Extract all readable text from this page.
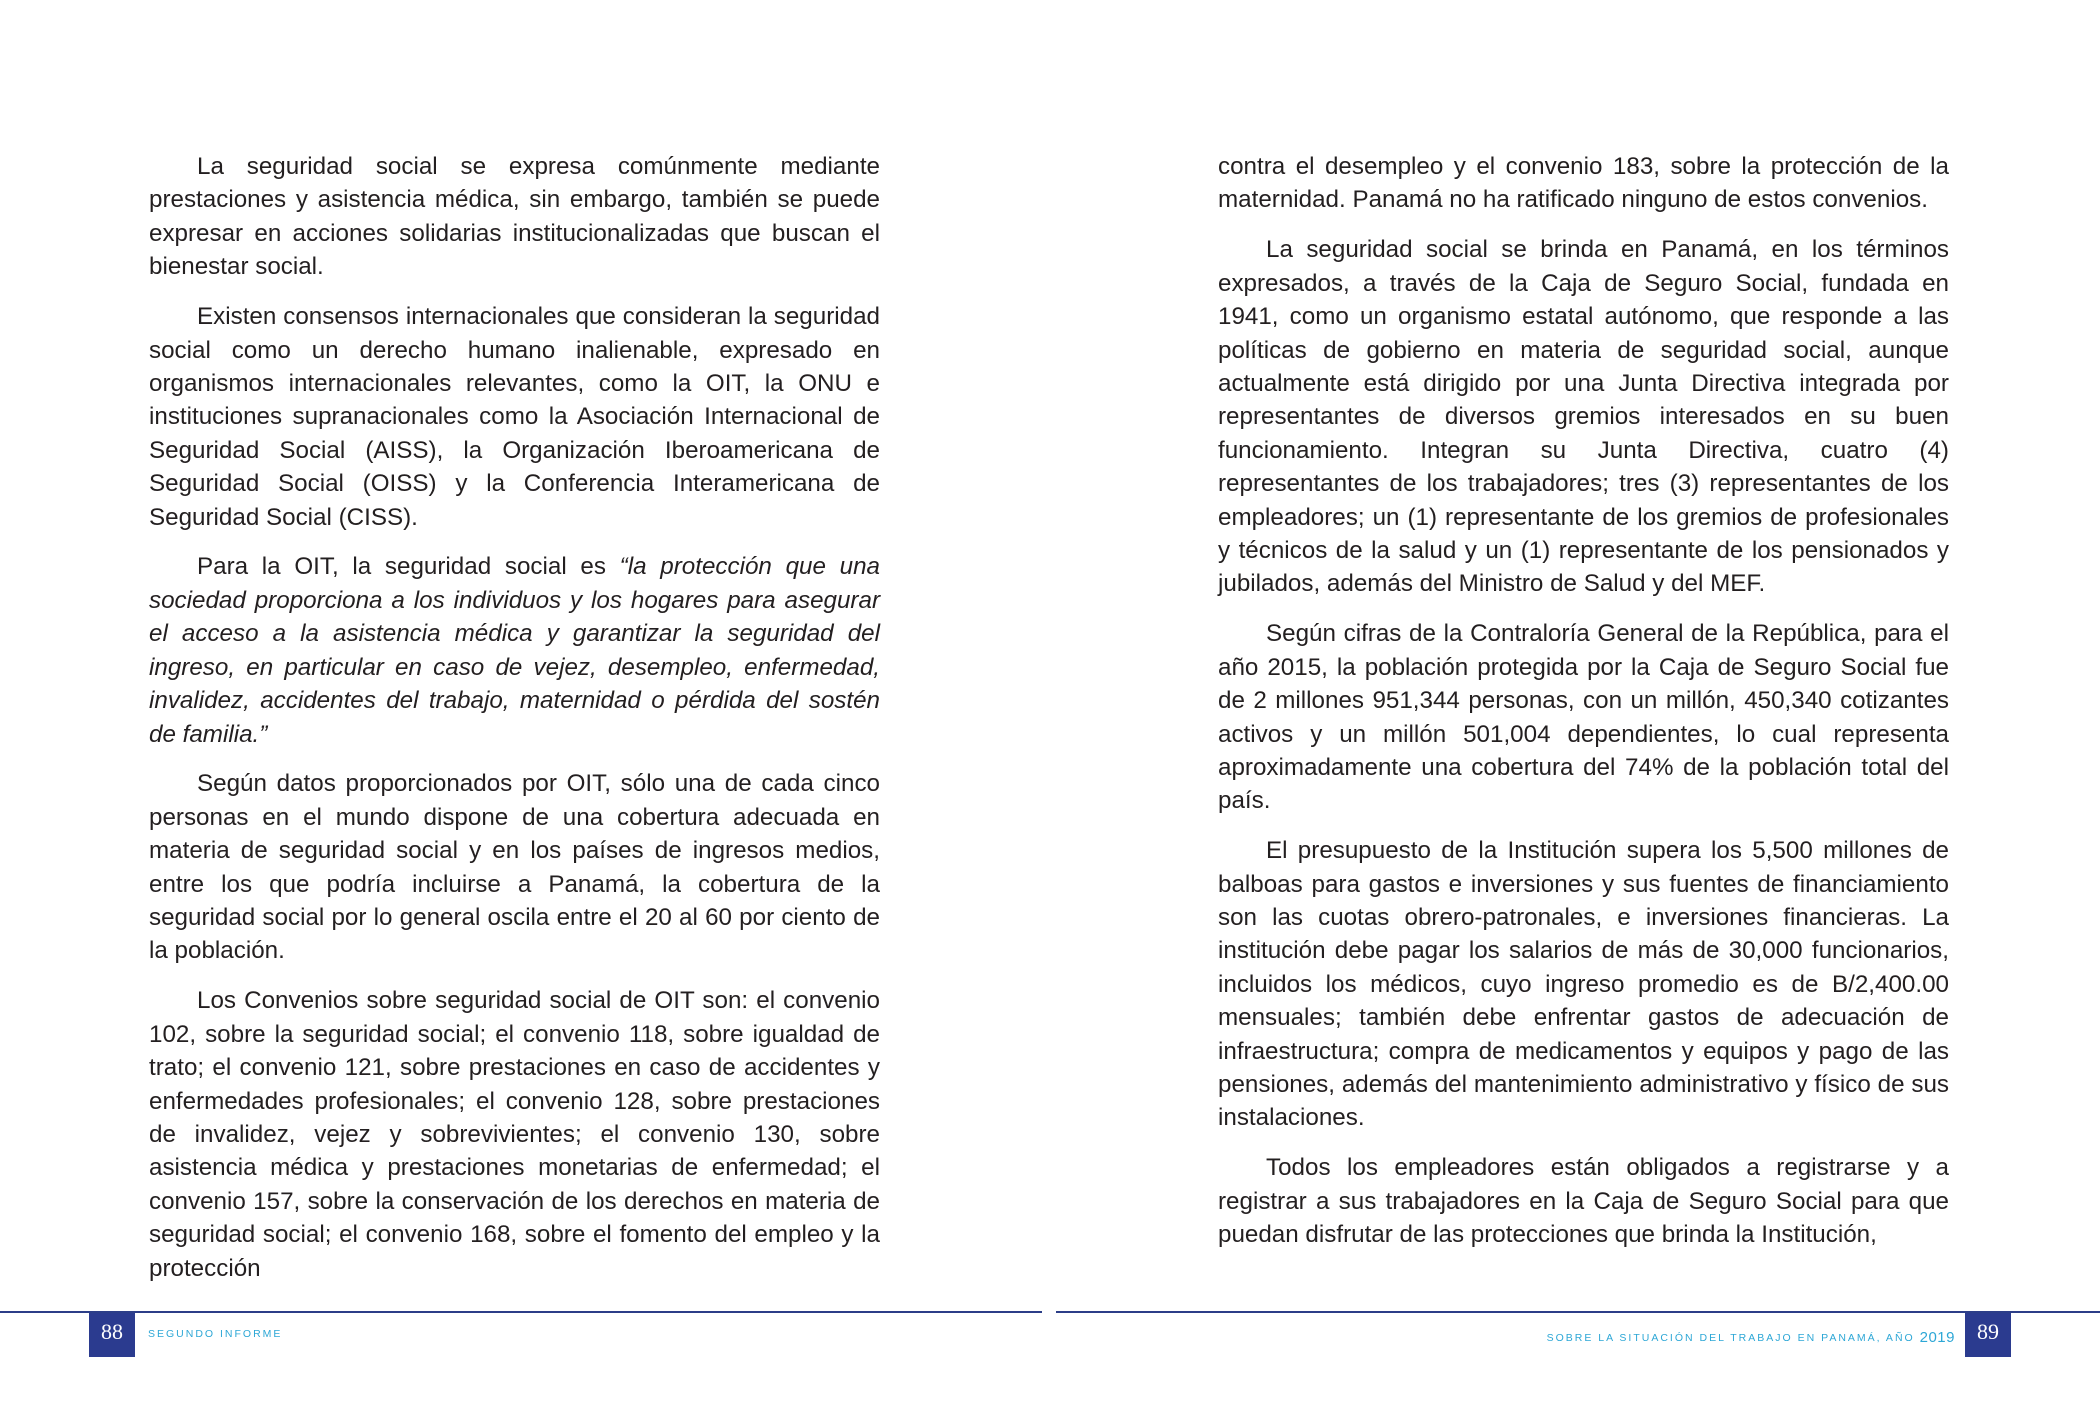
La seguridad social se expresa comúnmente mediante prestaciones y asistencia médica, sin embargo, también se puede expresar en acciones solidarias institucionalizadas que buscan el bienestar social.

Existen consensos internacionales que consideran la seguridad social como un derecho humano inalienable, expresado en organismos internacionales relevantes, como la OIT, la ONU e instituciones supranacionales como la Asociación Internacional de Seguridad Social (AISS), la Organización Iberoamericana de Seguridad Social (OISS) y la Conferencia Interamericana de Seguridad Social (CISS).

Para la OIT, la seguridad social es “la protección que una sociedad proporciona a los individuos y los hogares para asegurar el acceso a la asistencia médica y garantizar la seguridad del ingreso, en particular en caso de vejez, desempleo, enfermedad, invalidez, accidentes del trabajo, maternidad o pérdida del sostén de familia.”

Según datos proporcionados por OIT, sólo una de cada cinco personas en el mundo dispone de una cobertura adecuada en materia de seguridad social y en los países de ingresos medios, entre los que podría incluirse a Panamá, la cobertura de la seguridad social por lo general oscila entre el 20 al 60 por ciento de la población.

Los Convenios sobre seguridad social de OIT son: el convenio 102, sobre la seguridad social; el convenio 118, sobre igualdad de trato; el convenio 121, sobre prestaciones en caso de accidentes y enfermedades profesionales; el convenio 128, sobre prestaciones de invalidez, vejez y sobrevivientes; el convenio 130, sobre asistencia médica y prestaciones monetarias de enfermedad; el convenio 157, sobre la conservación de los derechos en materia de seguridad social; el convenio 168, sobre el fomento del empleo y la protección

contra el desempleo y el convenio 183, sobre la protección de la maternidad. Panamá no ha ratificado ninguno de estos convenios.

La seguridad social se brinda en Panamá, en los términos expresados, a través de la Caja de Seguro Social, fundada en 1941, como un organismo estatal autónomo, que responde a las políticas de gobierno en materia de seguridad social, aunque actualmente está dirigido por una Junta Directiva integrada por representantes de diversos gremios interesados en su buen funcionamiento. Integran su Junta Directiva, cuatro (4) representantes de los trabajadores; tres (3) representantes de los empleadores; un (1) representante de los gremios de profesionales y técnicos de la salud y un (1) representante de los pensionados y jubilados, además del Ministro de Salud y del MEF.

Según cifras de la Contraloría General de la República, para el año 2015, la población protegida por la Caja de Seguro Social fue de 2 millones 951,344 personas, con un millón, 450,340 cotizantes activos y un millón 501,004 dependientes, lo cual representa aproximadamente una cobertura del 74% de la población total del país.

El presupuesto de la Institución supera los 5,500 millones de balboas para gastos e inversiones y sus fuentes de financiamiento son las cuotas obrero-patronales, e inversiones financieras. La institución debe pagar los salarios de más de 30,000 funcionarios, incluidos los médicos, cuyo ingreso promedio es de B/2,400.00 mensuales; también debe enfrentar gastos de adecuación de infraestructura; compra de medicamentos y equipos y pago de las pensiones, además del mantenimiento administrativo y físico de sus instalaciones.

Todos los empleadores están obligados a registrarse y a registrar a sus trabajadores en la Caja de Seguro Social para que puedan disfrutar de las protecciones que brinda la Institución,

88	SEGUNDO INFORME	SOBRE LA SITUACIÓN DEL TRABAJO EN PANAMÁ, AÑO 2019	89
